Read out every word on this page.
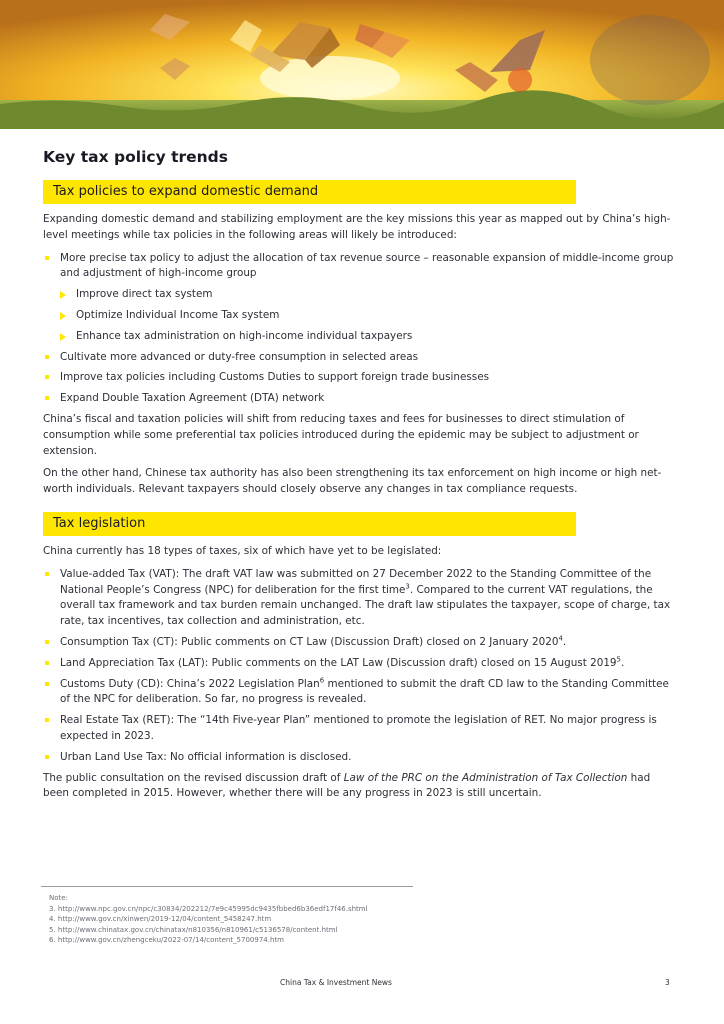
Key tax policy trends
Tax policies to expand domestic demand

Expanding domestic demand and stabilizing employment are the key missions this year as mapped out by China’s high-level meetings while tax policies in the following areas will likely be introduced:

More precise tax policy to adjust the allocation of tax revenue source – reasonable expansion of middle-income group and adjustment of high-income group
Improve direct tax system
Optimize Individual Income Tax system
Enhance tax administration on high-income individual taxpayers
Cultivate more advanced or duty-free consumption in selected areas
Improve tax policies including Customs Duties to support foreign trade businesses
Expand Double Taxation Agreement (DTA) network

China’s fiscal and taxation policies will shift from reducing taxes and fees for businesses to direct stimulation of consumption while some preferential tax policies introduced during the epidemic may be subject to adjustment or extension.

On the other hand, Chinese tax authority has also been strengthening its tax enforcement on high income or high net-worth individuals. Relevant taxpayers should closely observe any changes in tax compliance requests.

Tax legislation

China currently has 18 types of taxes, six of which have yet to be legislated:

Value-added Tax (VAT): The draft VAT law was submitted on 27 December 2022 to the Standing Committee of the National People’s Congress (NPC) for deliberation for the first time$^3$. Compared to the current VAT regulations, the overall tax framework and tax burden remain unchanged. The draft law stipulates the taxpayer, scope of charge, tax rate, tax incentives, tax collection and administration, etc.
Consumption Tax (CT): Public comments on CT Law (Discussion Draft) closed on 2 January 2020$^4$.
Land Appreciation Tax (LAT): Public comments on the LAT Law (Discussion draft) closed on 15 August 2019$^5$.
Customs Duty (CD): China’s 2022 Legislation Plan$^6$ mentioned to submit the draft CD law to the Standing Committee of the NPC for deliberation. So far, no progress is revealed.
Real Estate Tax (RET): The “14th Five-year Plan” mentioned to promote the legislation of RET. No major progress is expected in 2023.
Urban Land Use Tax: No official information is disclosed.

The public consultation on the revised discussion draft of Law of the PRC on the Administration of Tax Collection had been completed in 2015. However, whether there will be any progress in 2023 is still uncertain.

Note:
3. http://www.npc.gov.cn/npc/c30834/202212/7e9c45995dc9435fbbed6b36edf17f46.shtml
4. http://www.gov.cn/xinwen/2019-12/04/content_5458247.htm
5. http://www.chinatax.gov.cn/chinatax/n810356/n810961/c5136578/content.html
6. http://www.gov.cn/zhengceku/2022-07/14/content_5700974.htm
China Tax & Investment News	3
